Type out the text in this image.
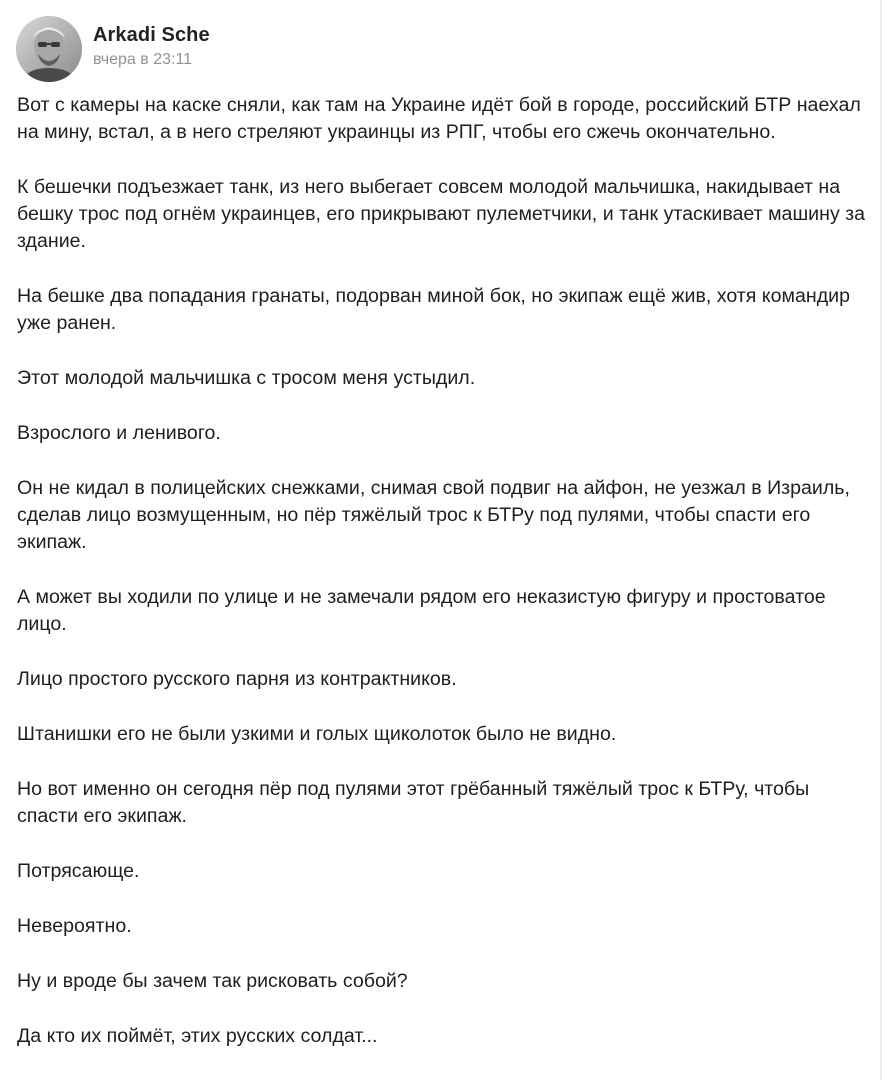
Arkadi Sche
вчера в 23:11

Вот с камеры на каске сняли, как там на Украине идёт бой в городе, российский БТР наехал на мину, встал, а в него стреляют украинцы из РПГ, чтобы его сжечь окончательно.

К бешечки подъезжает танк, из него выбегает совсем молодой мальчишка, накидывает на бешку трос под огнём украинцев, его прикрывают пулеметчики, и танк утаскивает машину за здание.

На бешке два попадания гранаты, подорван миной бок, но экипаж ещё жив, хотя командир уже ранен.

Этот молодой мальчишка с тросом меня устыдил.

Взрослого и ленивого.

Он не кидал в полицейских снежками, снимая свой подвиг на айфон, не уезжал в Израиль, сделав лицо возмущенным, но пёр тяжёлый трос к БТРу под пулями, чтобы спасти его экипаж.

А может вы ходили по улице и не замечали рядом его неказистую фигуру и простоватое лицо.

Лицо простого русского парня из контрактников.

Штанишки его не были узкими и голых щиколоток было не видно.

Но вот именно он сегодня пёр под пулями этот грёбанный тяжёлый трос к БТРу, чтобы спасти его экипаж.

Потрясающе.

Невероятно.

Ну и вроде бы зачем так рисковать собой?

Да кто их поймёт, этих русских солдат...
